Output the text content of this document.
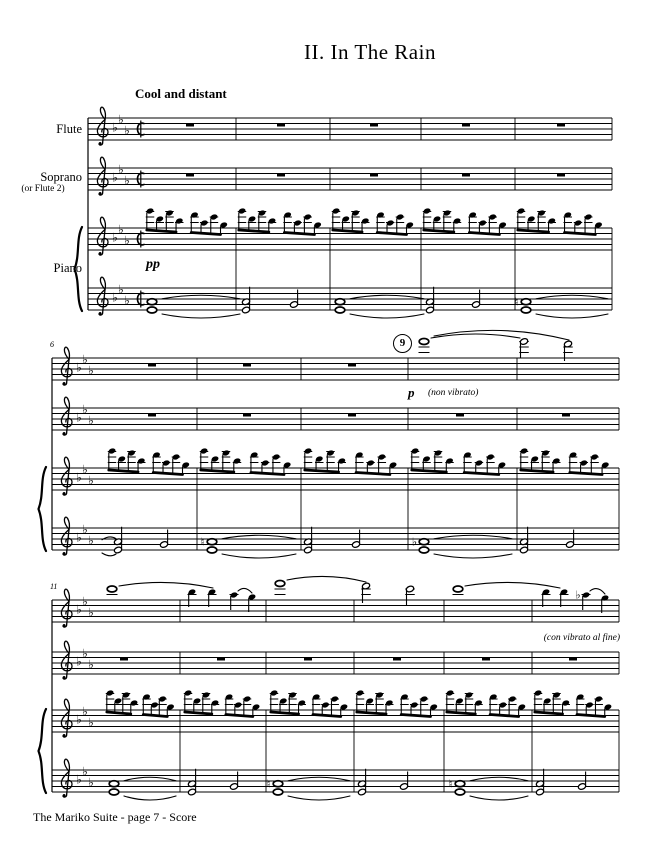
♭
♭
♭
♭
♭
♭
♭
♭
♭
♭
♭
♭	♮
♭
♭
♭
♭
♭
♭
♭
♭
♭
♭
♭
♭	♮	♭
♭
♭
♭
♭
♭
♭
♭
♭
♭
♭
♭
♭
♭
♮	♮
II. In The Rain
Cool and distant
Flute
Soprano
(or Flute 2)
Piano	pp
p (non vibrato)
(con vibrato al fine)
9
6
11
The Mariko Suite - page 7 - Score
